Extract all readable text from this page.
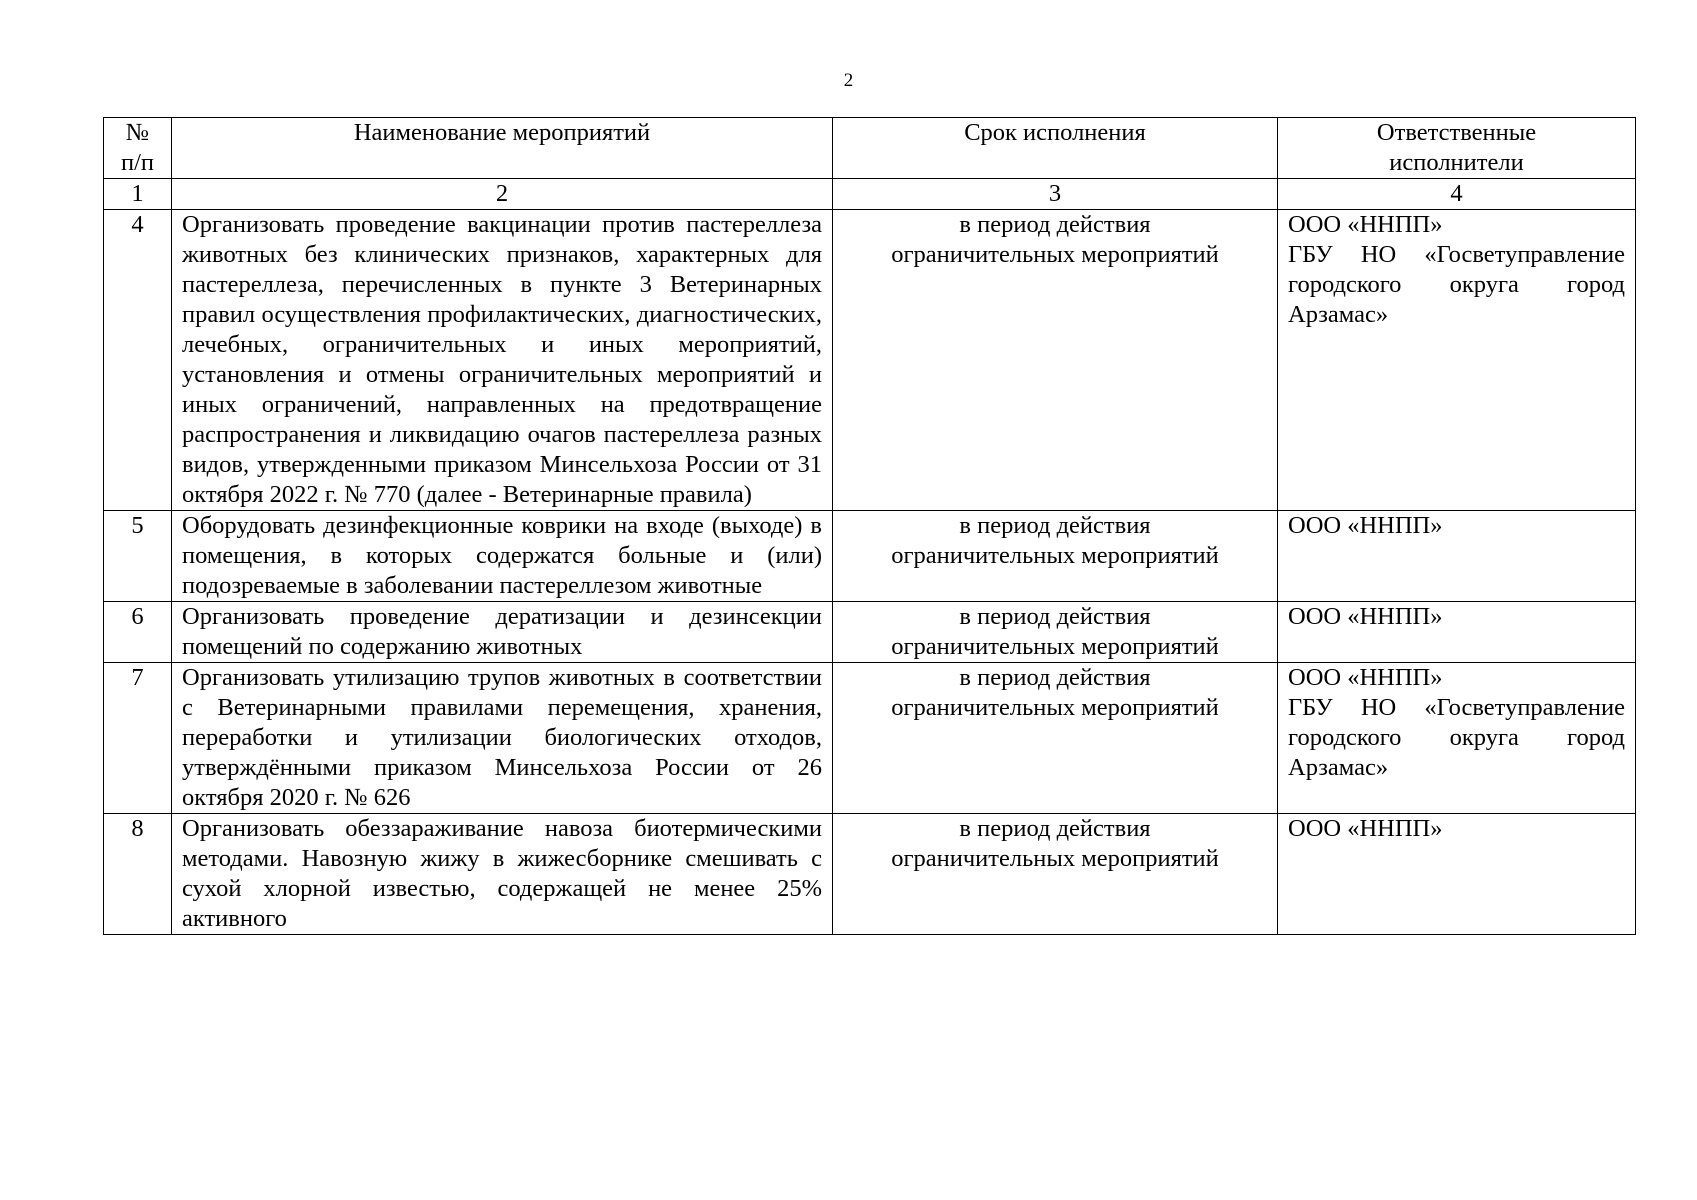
2
№ п/п	Наименование мероприятий	Срок исполнения	Ответственные исполнители

1	2	3	4
4	Организовать проведение вакцинации против пастереллеза животных без клинических признаков, характерных для пастереллеза, перечисленных в пункте 3 Ветеринарных правил осуществления профилактических, диагностических, лечебных, ограничительных и иных мероприятий, установления и отмены ограничительных мероприятий и иных ограничений, направленных на предотвращение распространения и ликвидацию очагов пастереллеза разных видов, утвержденными приказом Минсельхоза России от 31 октября 2022 г. № 770 (далее - Ветеринарные правила)	в период действия ограничительных мероприятий	ООО «ННПП»
ГБУ НО «Госветуправление городского округа город Арзамас»

5	Оборудовать дезинфекционные коврики на входе (выходе) в помещения, в которых содержатся больные и (или) подозреваемые в заболевании пастереллезом животные	в период действия ограничительных мероприятий	ООО «ННПП»

6	Организовать проведение дератизации и дезинсекции помещений по содержанию животных	в период действия ограничительных мероприятий	ООО «ННПП»

7	Организовать утилизацию трупов животных в соответствии с Ветеринарными правилами перемещения, хранения, переработки и утилизации биологических отходов, утверждёнными приказом Минсельхоза России от 26 октября 2020 г. № 626	в период действия ограничительных мероприятий	ООО «ННПП»
ГБУ НО «Госветуправление городского округа город Арзамас»

8	Организовать обеззараживание навоза биотермическими методами. Навозную жижу в жижесборнике смешивать с сухой хлорной известью, содержащей не менее 25% активного	в период действия ограничительных мероприятий	ООО «ННПП»
